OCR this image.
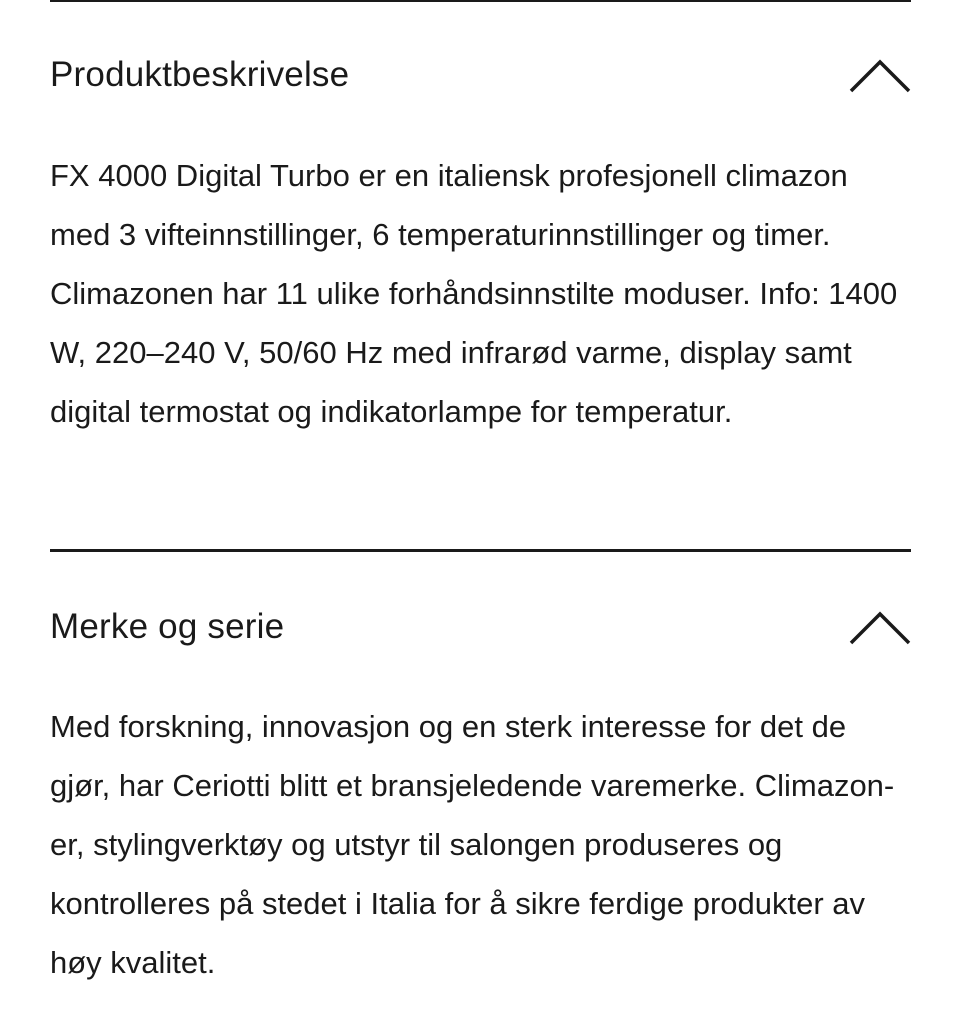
Produktbeskrivelse

FX 4000 Digital Turbo er en italiensk profesjonell climazon med 3 vifteinnstillinger, 6 temperaturinnstillinger og timer. Climazonen har 11 ulike forhåndsinnstilte moduser. Info: 1400 W, 220–240 V, 50/60 Hz med infrarød varme, display samt digital termostat og indikatorlampe for temperatur.

Merke og serie

Med forskning, innovasjon og en sterk interesse for det de gjør, har Ceriotti blitt et bransjeledende varemerke. Climazon-er, stylingverktøy og utstyr til salongen produseres og kontrolleres på stedet i Italia for å sikre ferdige produkter av høy kvalitet.
